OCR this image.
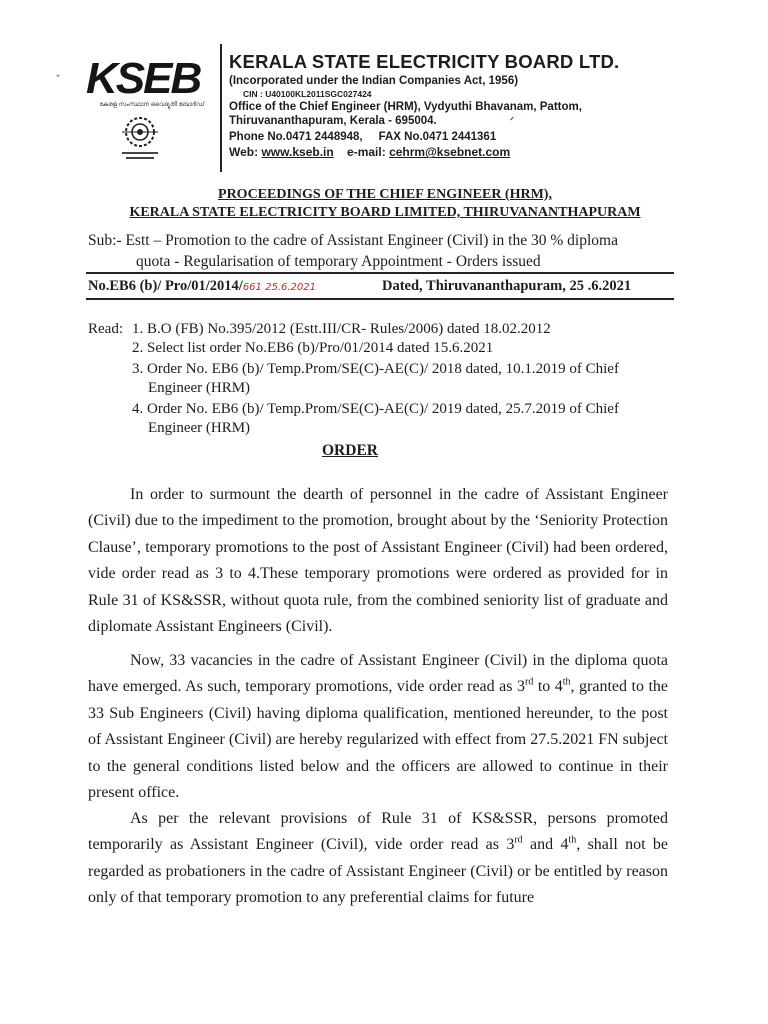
" KSEB
കേരള സംസ്ഥാന വൈദ്യുതി ബോർഡ്
KERALA STATE ELECTRICITY BOARD LTD.
(Incorporated under the Indian Companies Act, 1956)
CIN : U40100KL2011SGC027424
Office of the Chief Engineer (HRM), Vydyuthi Bhavanam, Pattom,
Thiruvananthapuram, Kerala - 695004.	ᐟ
Phone No.0471 2448948, FAX No.0471 2441361
Web: www.kseb.in e-mail: cehrm@ksebnet.com
PROCEEDINGS OF THE CHIEF ENGINEER (HRM),
KERALA STATE ELECTRICITY BOARD LIMITED, THIRUVANANTHAPURAM
Sub:- Estt – Promotion to the cadre of Assistant Engineer (Civil) in the 30 % diploma
quota - Regularisation of temporary Appointment - Orders issued
No.EB6 (b)/ Pro/01/2014/661 25.6.2021	Dated, Thiruvananthapuram, 25 .6.2021
Read: 1. B.O (FB) No.395/2012 (Estt.III/CR- Rules/2006) dated 18.02.2012
2. Select list order No.EB6 (b)/Pro/01/2014 dated 15.6.2021
3. Order No. EB6 (b)/ Temp.Prom/SE(C)-AE(C)/ 2018 dated, 10.1.2019 of Chief Engineer (HRM)
4. Order No. EB6 (b)/ Temp.Prom/SE(C)-AE(C)/ 2019 dated, 25.7.2019 of Chief Engineer (HRM)
ORDER
In order to surmount the dearth of personnel in the cadre of Assistant Engineer (Civil) due to the impediment to the promotion, brought about by the ‘Seniority Protection Clause’, temporary promotions to the post of Assistant Engineer (Civil) had been ordered, vide order read as 3 to 4.These temporary promotions were ordered as provided for in Rule 31 of KS&SSR, without quota rule, from the combined seniority list of graduate and diplomate Assistant Engineers (Civil).
Now, 33 vacancies in the cadre of Assistant Engineer (Civil) in the diploma quota have emerged. As such, temporary promotions, vide order read as 3rd to 4th, granted to the 33 Sub Engineers (Civil) having diploma qualification, mentioned hereunder, to the post of Assistant Engineer (Civil) are hereby regularized with effect from 27.5.2021 FN subject to the general conditions listed below and the officers are allowed to continue in their present office.
As per the relevant provisions of Rule 31 of KS&SSR, persons promoted temporarily as Assistant Engineer (Civil), vide order read as 3rd and 4th, shall not be regarded as probationers in the cadre of Assistant Engineer (Civil) or be entitled by reason only of that temporary promotion to any preferential claims for future
